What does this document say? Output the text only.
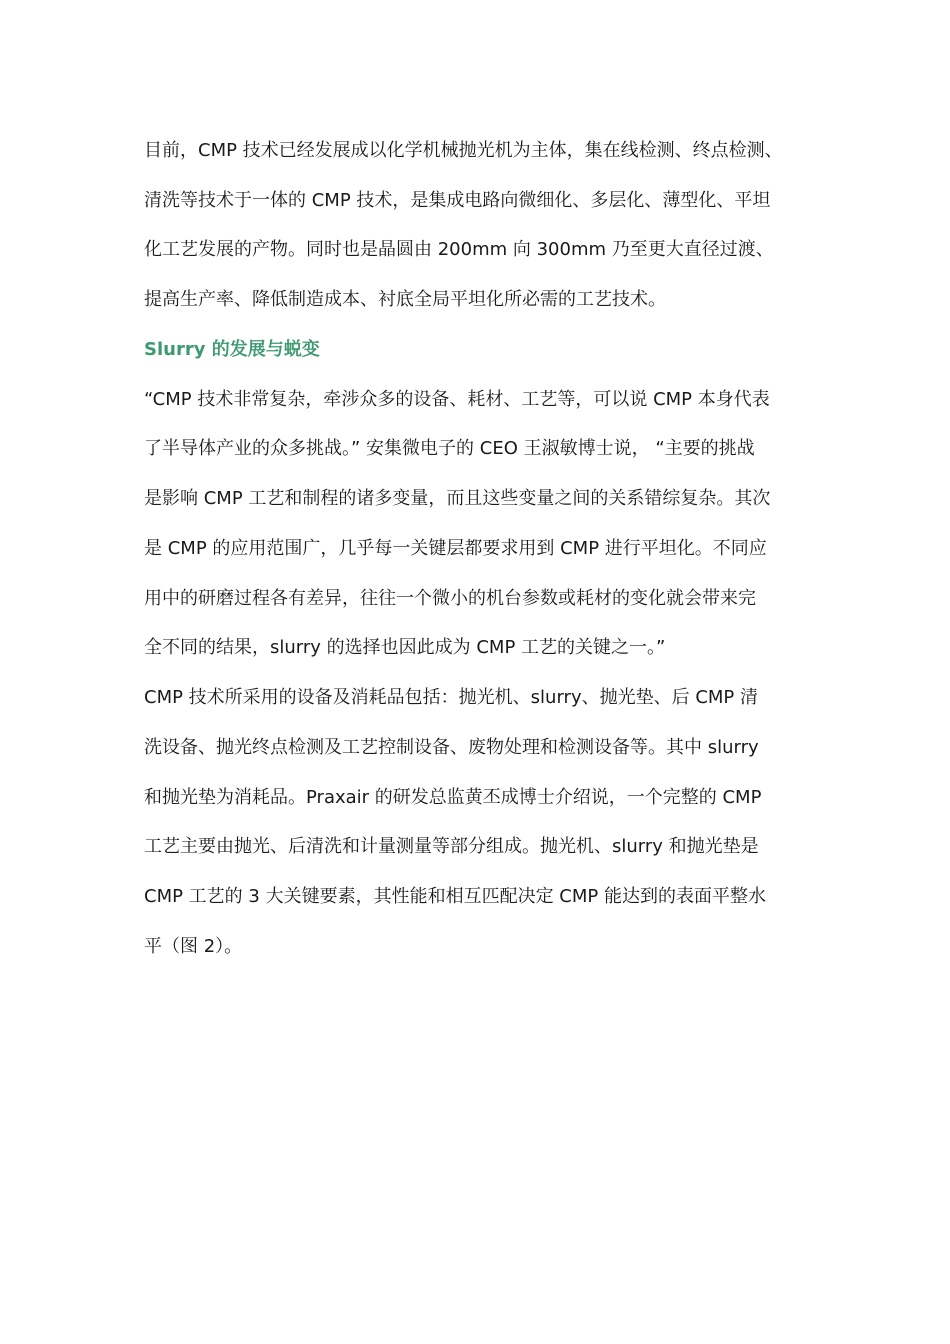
目前，CMP 技术已经发展成以化学机械抛光机为主体，集在线检测、终点检测、

清洗等技术于一体的 CMP 技术，是集成电路向微细化、多层化、薄型化、平坦

化工艺发展的产物。同时也是晶圆由 200mm 向 300mm 乃至更大直径过渡、

提高生产率、降低制造成本、衬底全局平坦化所必需的工艺技术。

Slurry 的发展与蜕变

“CMP 技术非常复杂，牵涉众多的设备、耗材、工艺等，可以说 CMP 本身代表

了半导体产业的众多挑战。” 安集微电子的 CEO 王淑敏博士说， “主要的挑战

是影响 CMP 工艺和制程的诸多变量，而且这些变量之间的关系错综复杂。其次

是 CMP 的应用范围广，几乎每一关键层都要求用到 CMP 进行平坦化。不同应

用中的研磨过程各有差异，往往一个微小的机台参数或耗材的变化就会带来完

全不同的结果，slurry 的选择也因此成为 CMP 工艺的关键之一。”

CMP 技术所采用的设备及消耗品包括：抛光机、slurry、抛光垫、后 CMP 清

洗设备、抛光终点检测及工艺控制设备、废物处理和检测设备等。其中 slurry

和抛光垫为消耗品。Praxair 的研发总监黄丕成博士介绍说，一个完整的 CMP

工艺主要由抛光、后清洗和计量测量等部分组成。抛光机、slurry 和抛光垫是

CMP 工艺的 3 大关键要素，其性能和相互匹配决定 CMP 能达到的表面平整水

平（图 2）。
